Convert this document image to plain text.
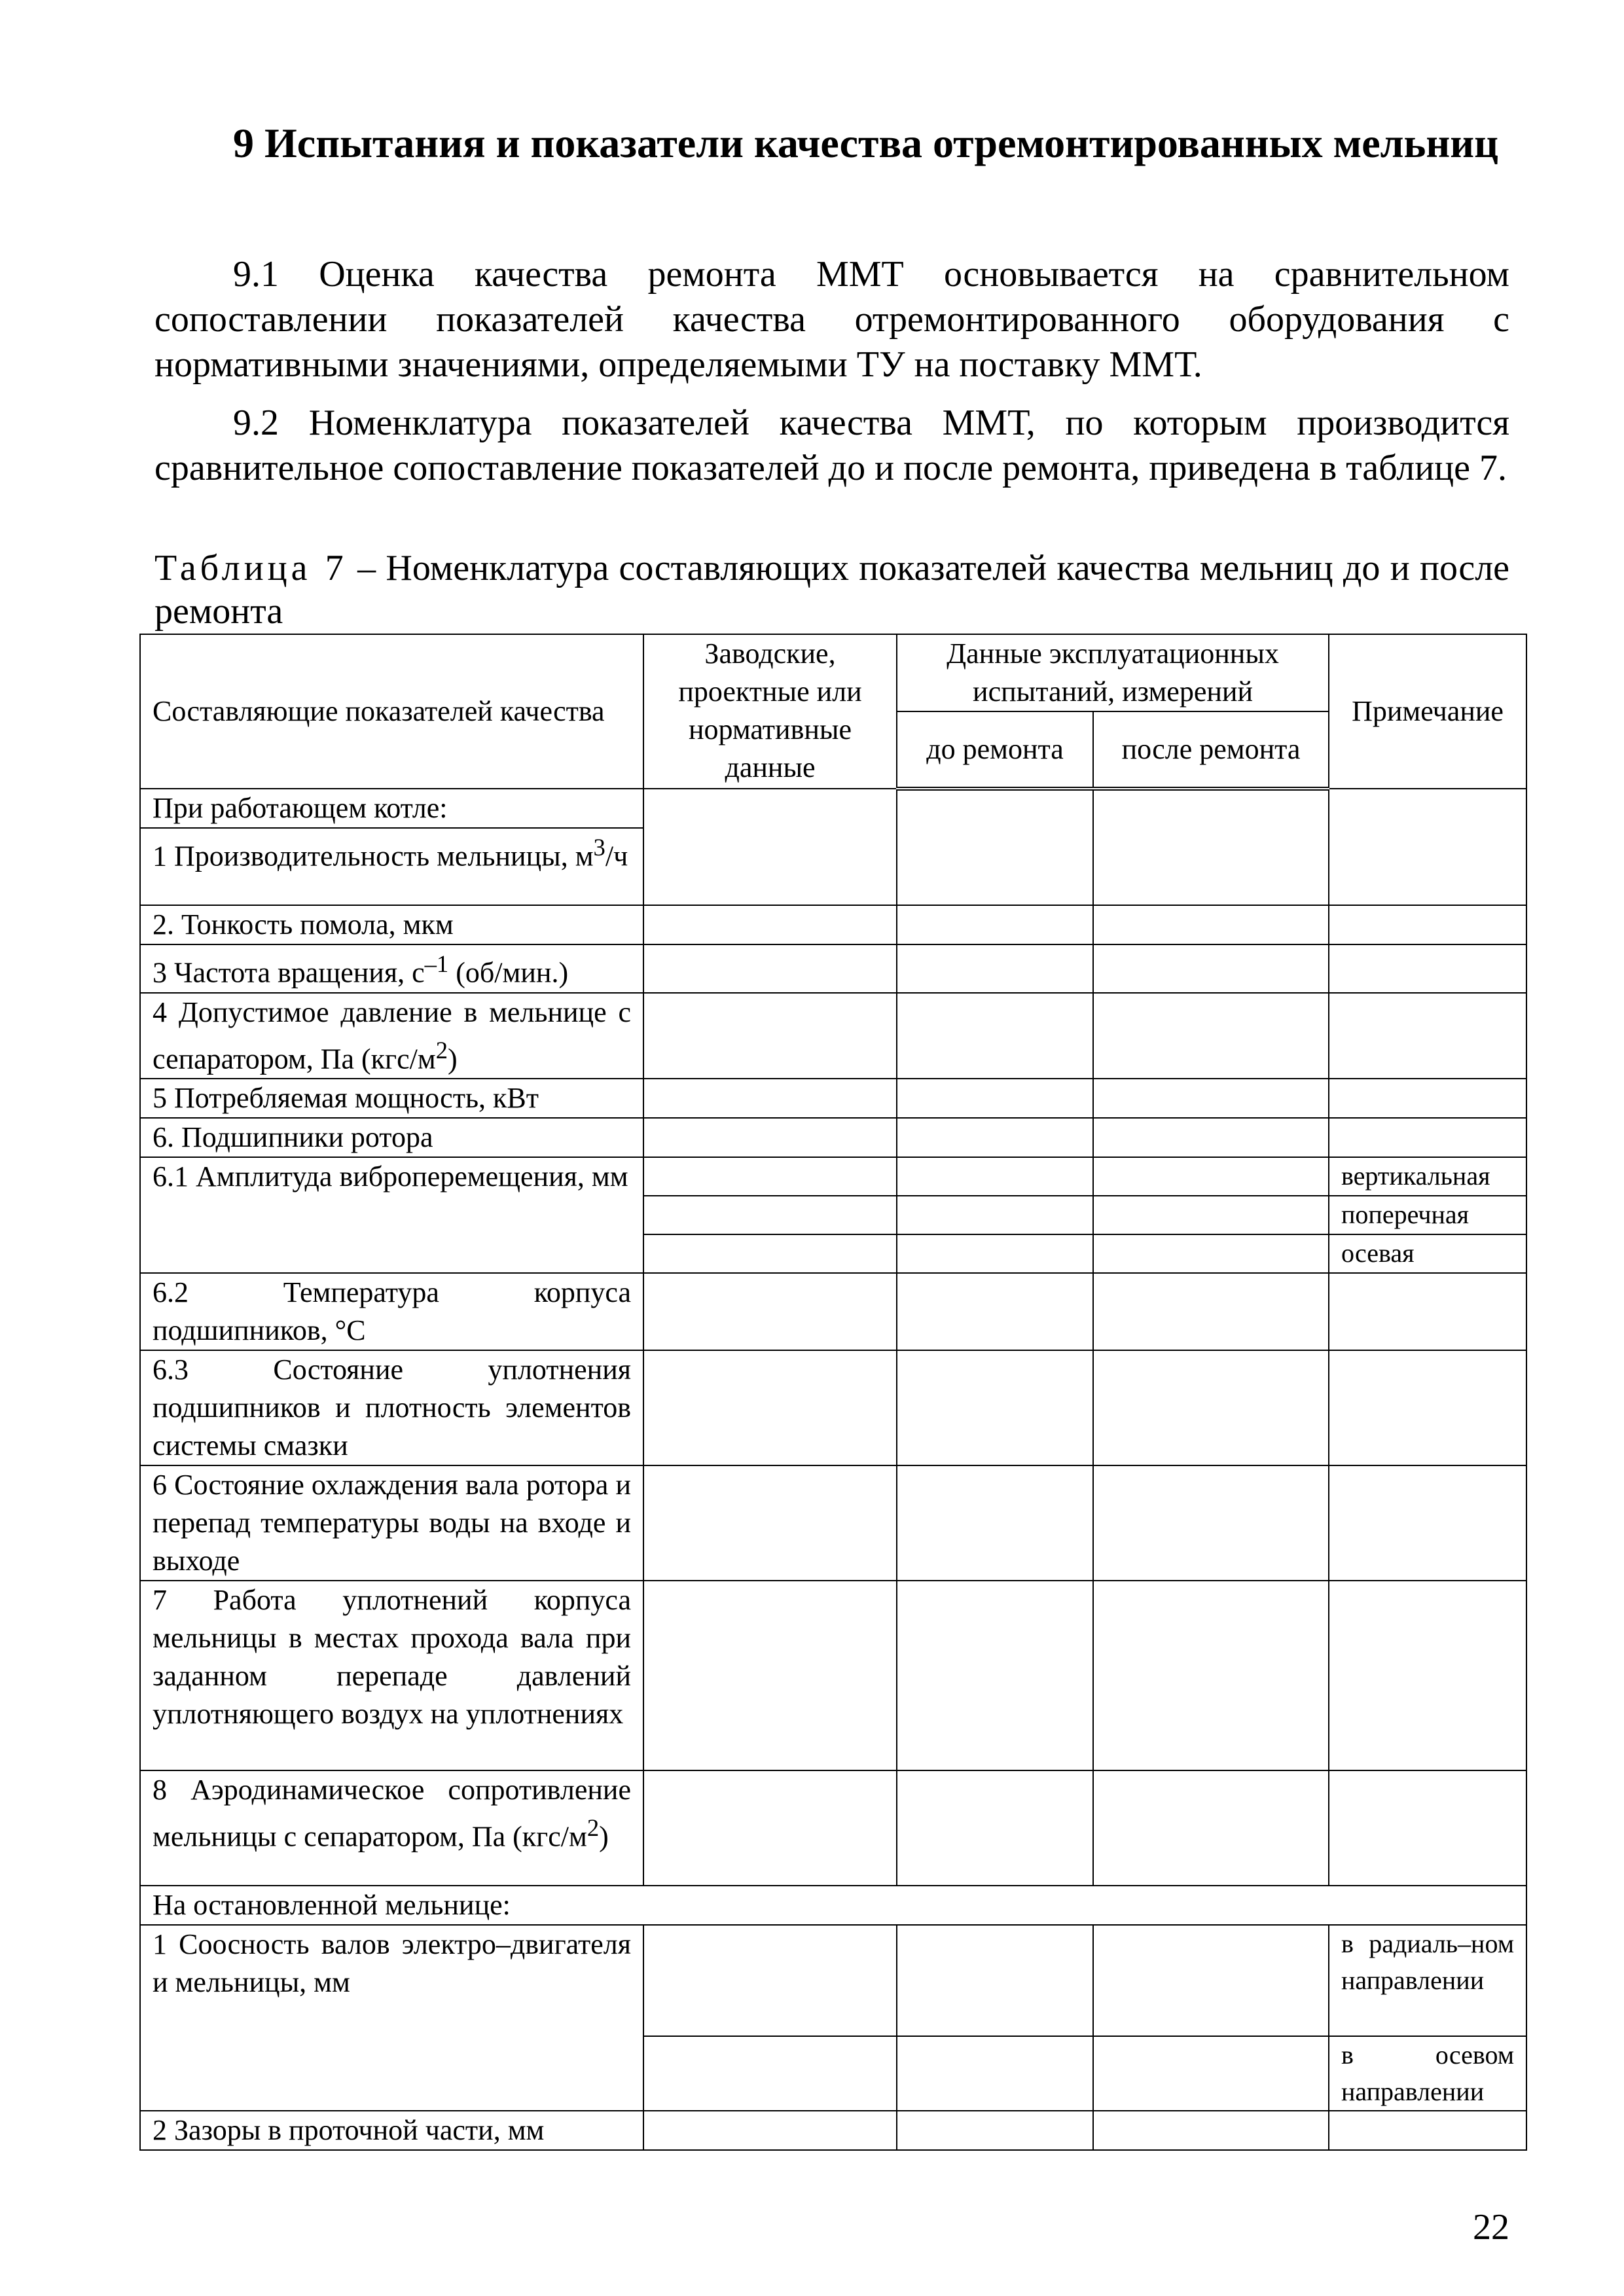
9 Испытания и показатели качества отремонтированных мельниц

9.1 Оценка качества ремонта ММТ основывается на сравнительном сопоставлении показателей качества отремонтированного оборудования с нормативными значениями, определяемыми ТУ на поставку ММТ.

9.2 Номенклатура показателей качества ММТ, по которым производится сравнительное сопоставление показателей до и после ремонта, приведена в таблице 7.

Таблица 7 – Номенклатура составляющих показателей качества мельниц до и после ремонта

Составляющие показателей качества	Заводские, проектные или нормативные данные	Данные эксплуатационных испытаний, измерений		Примечание
		до ремонта	после ремонта	
При работающем котле:				
1 Производительность мельницы, $м^3/ч$				
2. Тонкость помола, мкм				
3 Частота вращения, $с^{-1}$ (об/мин.)				
4 Допустимое давление в мельнице с сепаратором, Па $(кгс/м^2)$				
5 Потребляемая мощность, кВт				
6. Подшипники ротора				
6.1 Амплитуда виброперемещения, мм				вертикальная
				поперечная
				осевая
6.2 Температура корпуса подшипников, °С				
6.3 Состояние уплотнения подшипников и плотность элементов системы смазки				
6 Состояние охлаждения вала ротора и перепад температуры воды на входе и выходе				
7 Работа уплотнений корпуса мельницы в местах прохода вала при заданном перепаде давлений уплотняющего воздух на уплотнениях				
8 Аэродинамическое сопротивление мельницы с сепаратором, Па $(кгс/м^2)$				
На остановленной мельнице:				
1 Соосность валов электро–двигателя и мельницы, мм				в радиаль–ном направлении
				в осевом направлении
2 Зазоры в проточной части, мм				
22
